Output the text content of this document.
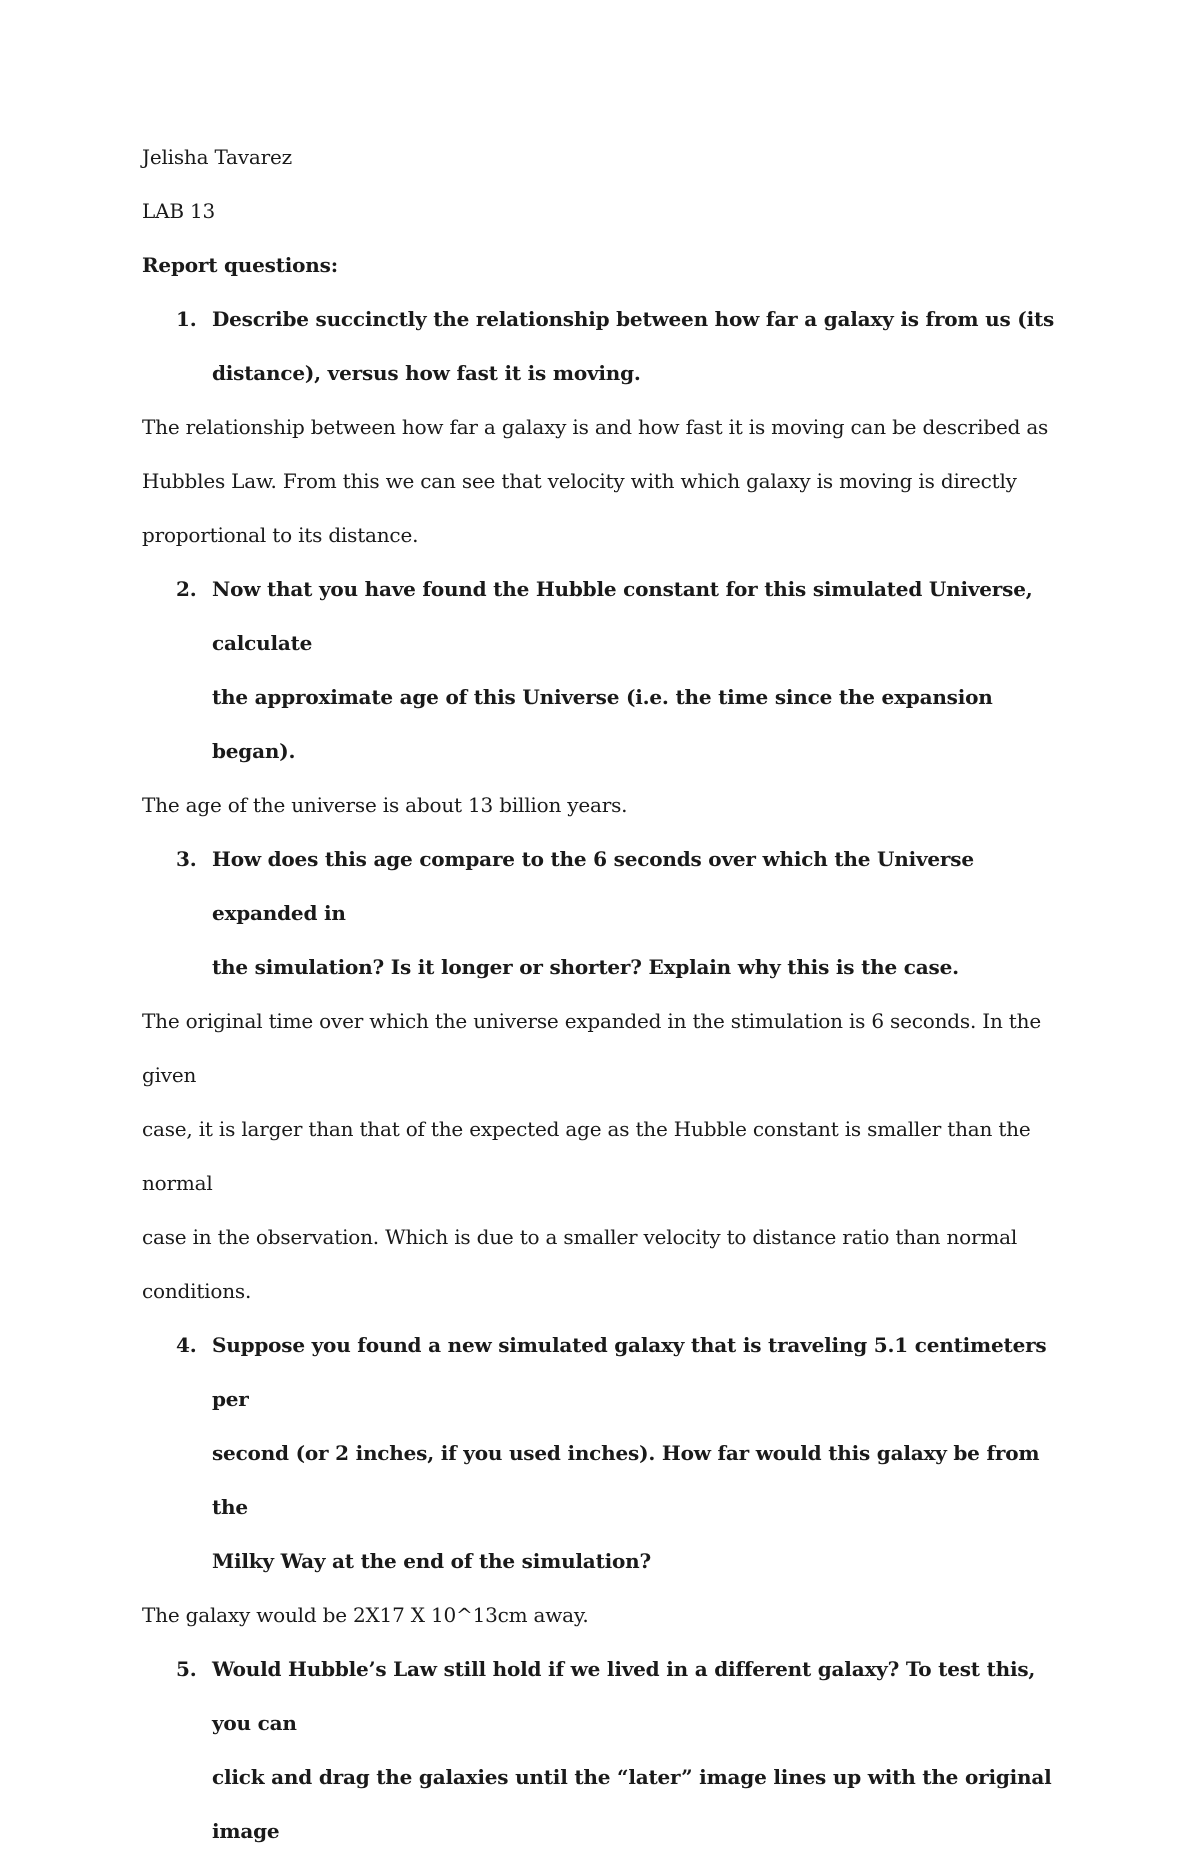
Jelisha Tavarez
LAB 13
Report questions:
1. Describe succinctly the relationship between how far a galaxy is from us (its
distance), versus how fast it is moving.
The relationship between how far a galaxy is and how fast it is moving can be described as
Hubbles Law. From this we can see that velocity with which galaxy is moving is directly
proportional to its distance.
2. Now that you have found the Hubble constant for this simulated Universe, calculate
the approximate age of this Universe (i.e. the time since the expansion began).
The age of the universe is about 13 billion years.
3. How does this age compare to the 6 seconds over which the Universe expanded in
the simulation? Is it longer or shorter? Explain why this is the case.
The original time over which the universe expanded in the stimulation is 6 seconds. In the given
case, it is larger than that of the expected age as the Hubble constant is smaller than the normal
case in the observation. Which is due to a smaller velocity to distance ratio than normal
conditions.
4. Suppose you found a new simulated galaxy that is traveling 5.1 centimeters per
second (or 2 inches, if you used inches). How far would this galaxy be from the
Milky Way at the end of the simulation?
The galaxy would be 2X17 X 10^13cm away.
5. Would Hubble’s Law still hold if we lived in a different galaxy? To test this, you can
click and drag the galaxies until the “later” image lines up with the original image
